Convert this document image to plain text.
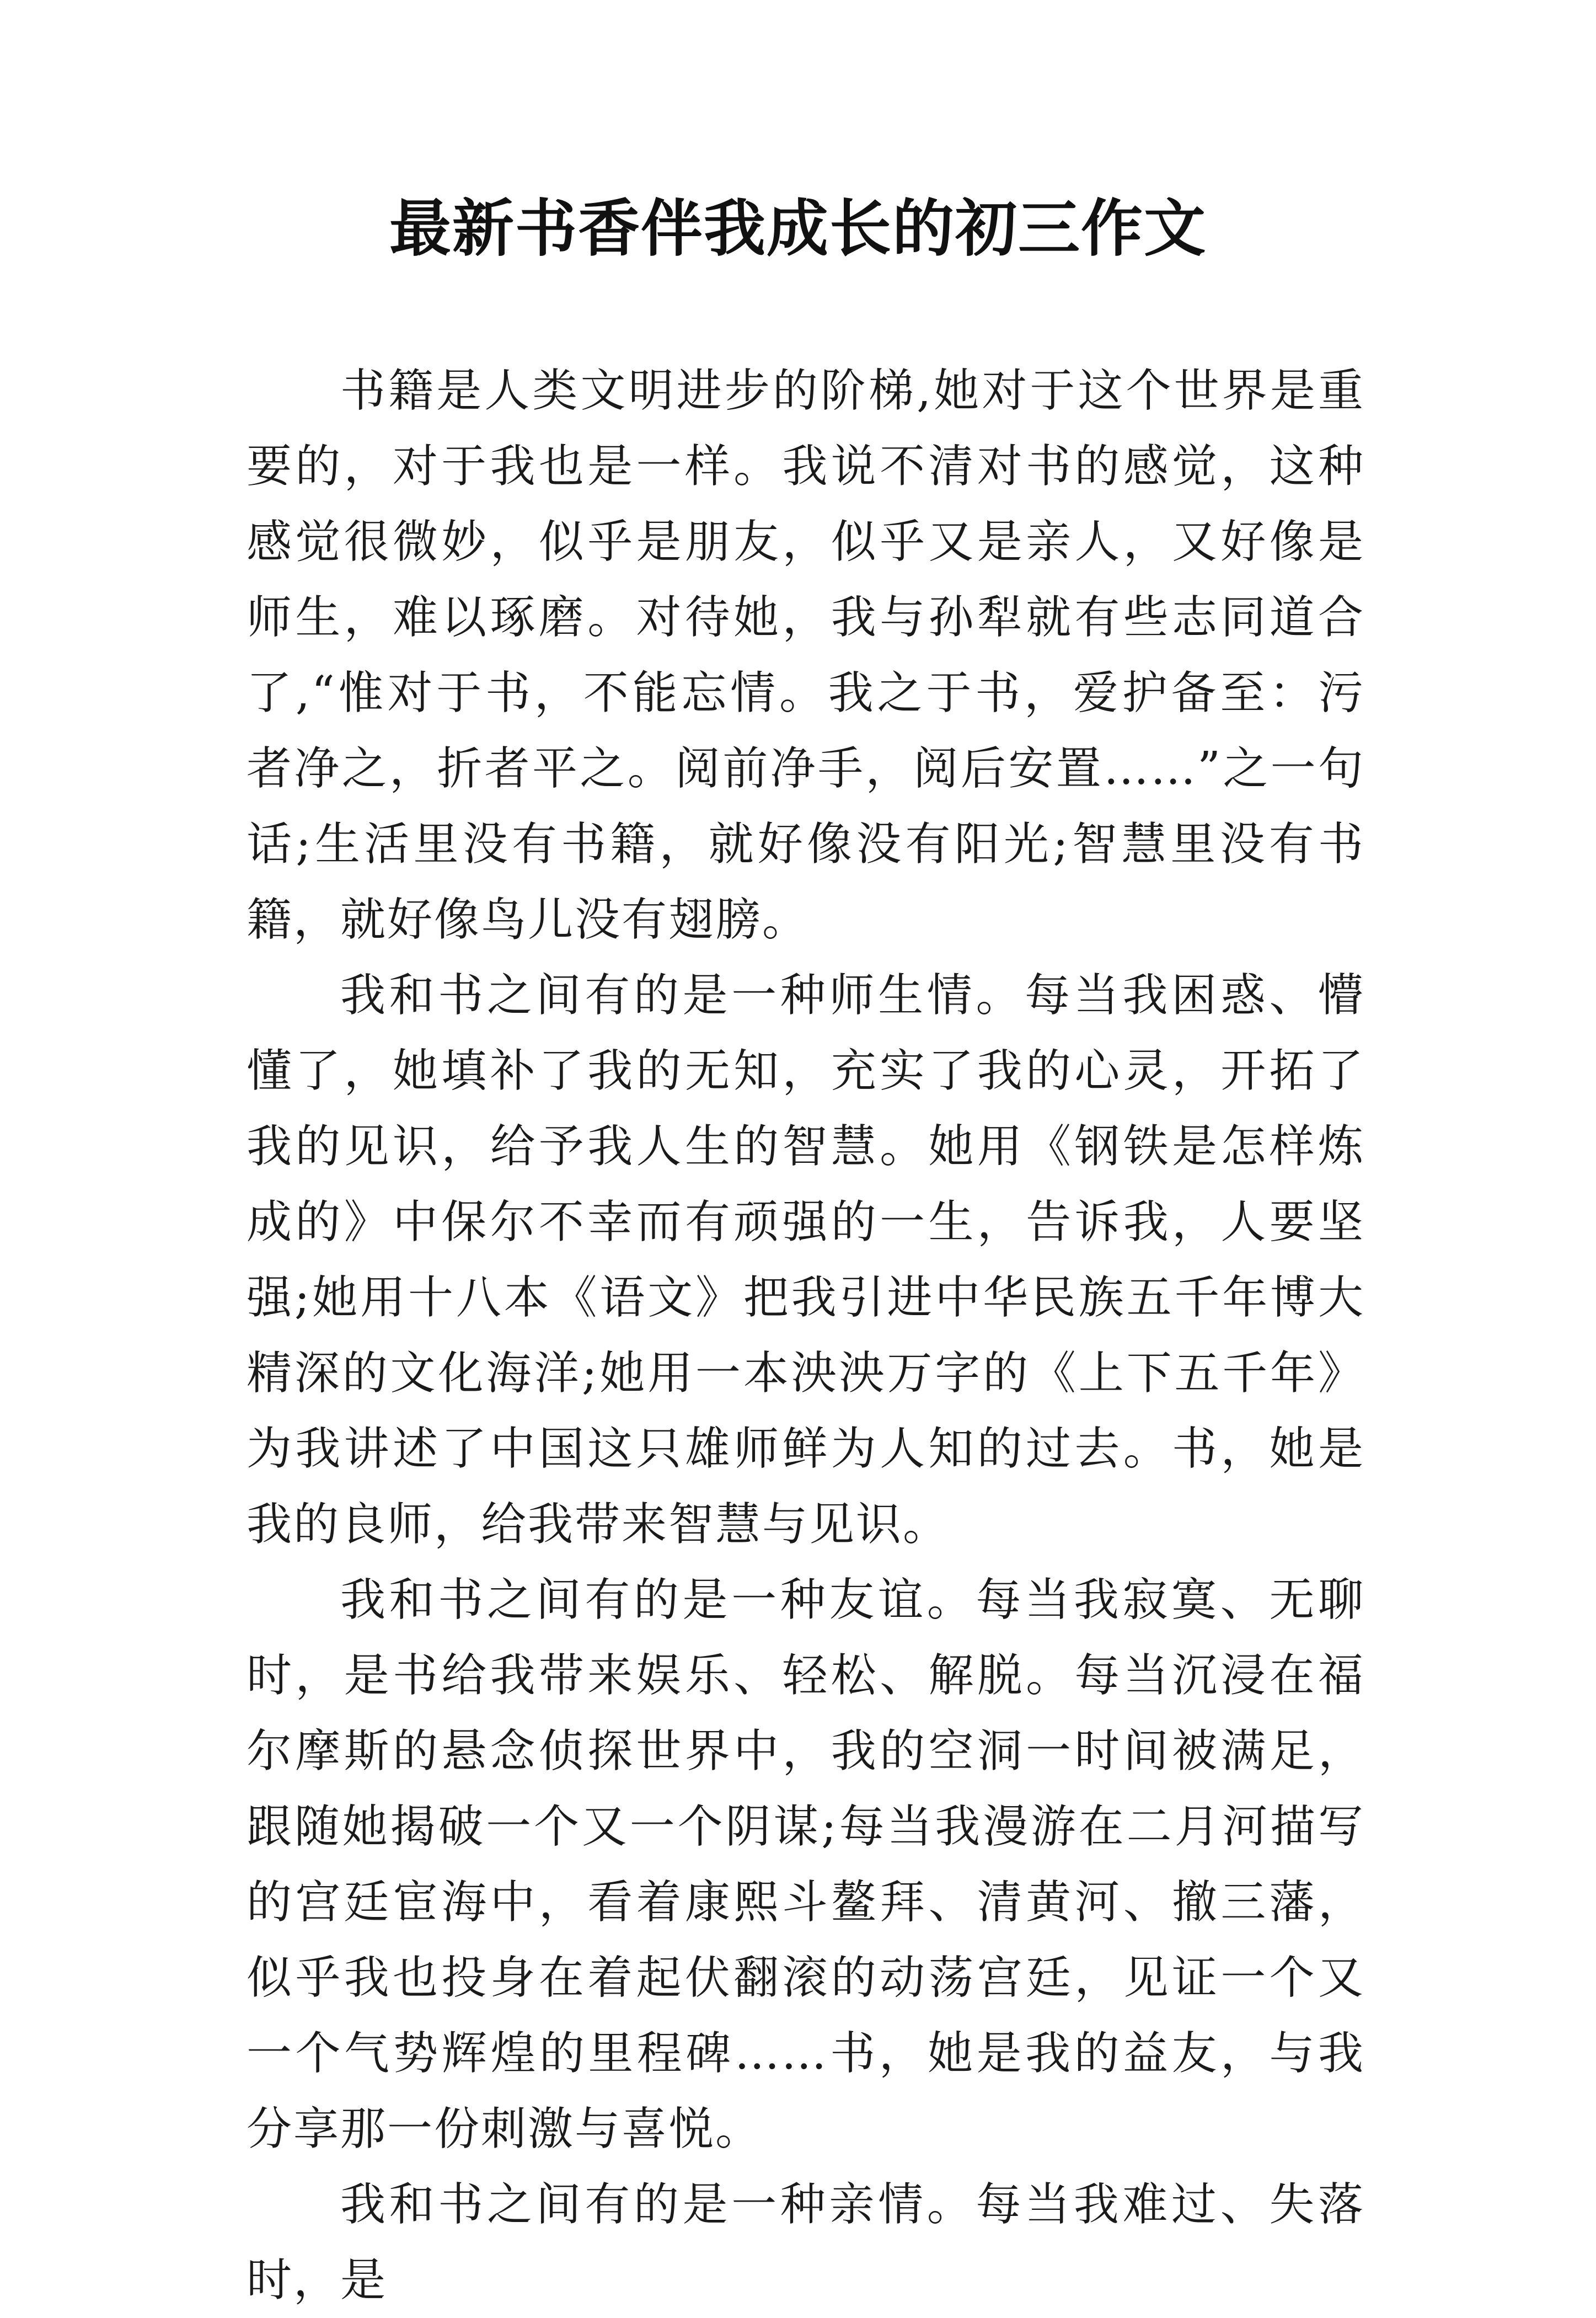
最新书香伴我成长的初三作文

书籍是人类文明进步的阶梯,她对于这个世界是重要的，对于我也是一样。我说不清对书的感觉，这种感觉很微妙，似乎是朋友，似乎又是亲人，又好像是师生，难以琢磨。对待她，我与孙犁就有些志同道合了,“惟对于书，不能忘情。我之于书，爱护备至：污者净之，折者平之。阅前净手，阅后安置……”之一句话;生活里没有书籍，就好像没有阳光;智慧里没有书籍，就好像鸟儿没有翅膀。

我和书之间有的是一种师生情。每当我困惑、懵懂了，她填补了我的无知，充实了我的心灵，开拓了我的见识，给予我人生的智慧。她用《钢铁是怎样炼成的》中保尔不幸而有顽强的一生，告诉我，人要坚强;她用十八本《语文》把我引进中华民族五千年博大精深的文化海洋;她用一本泱泱万字的《上下五千年》为我讲述了中国这只雄师鲜为人知的过去。书，她是我的良师，给我带来智慧与见识。

我和书之间有的是一种友谊。每当我寂寞、无聊时，是书给我带来娱乐、轻松、解脱。每当沉浸在福尔摩斯的悬念侦探世界中，我的空洞一时间被满足，跟随她揭破一个又一个阴谋;每当我漫游在二月河描写的宫廷宦海中，看着康熙斗鳌拜、清黄河、撤三藩，似乎我也投身在着起伏翻滚的动荡宫廷，见证一个又一个气势辉煌的里程碑……书，她是我的益友，与我分享那一份刺激与喜悦。

我和书之间有的是一种亲情。每当我难过、失落时，是
